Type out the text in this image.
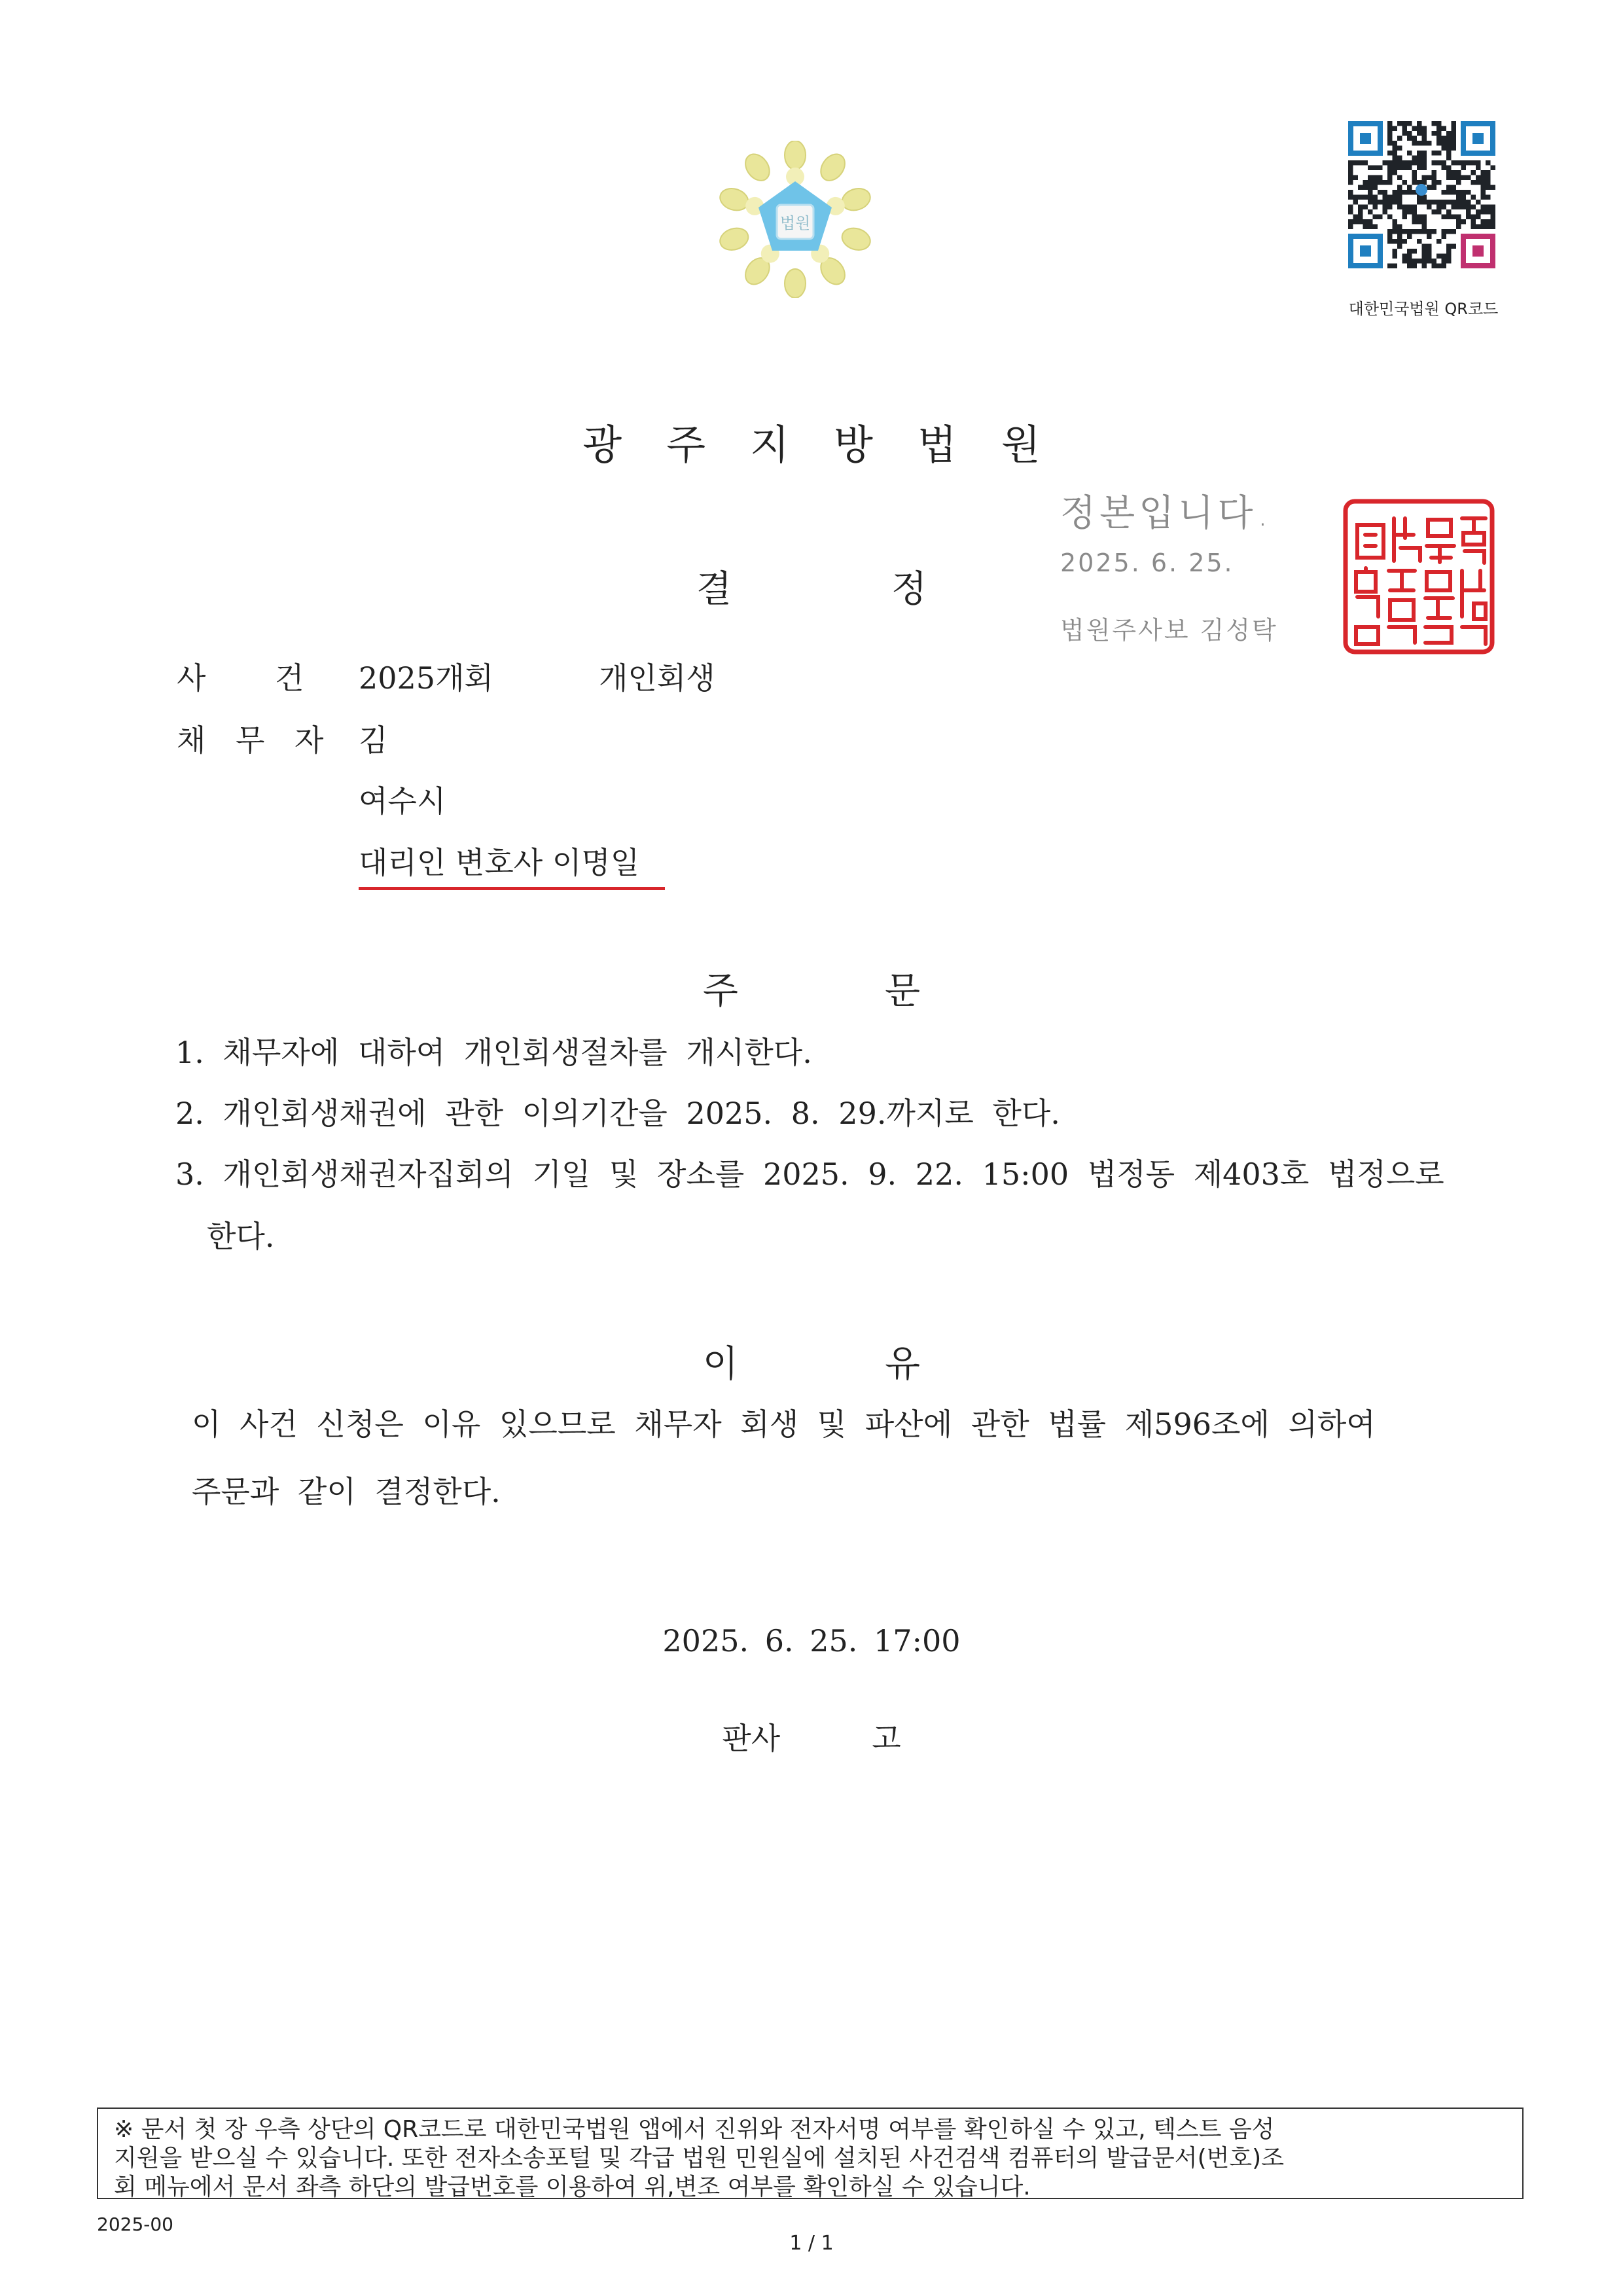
법원
대한민국법원 QR코드
광 주 지 방 법 원
정본입니다.
2025. 6. 25.
법원주사보 김성탁
대한민국법원
결	정
사 건 2025개회	개인회생
채 무 자 김
여수시
대리인 변호사 이명일
주	문
1. 채무자에 대하여 개인회생절차를 개시한다.
2. 개인회생채권에 관한 이의기간을 2025. 8. 29.까지로 한다.
3. 개인회생채권자집회의 기일 및 장소를 2025. 9. 22. 15:00 법정동 제403호 법정으로
한다.
이	유
이 사건 신청은 이유 있으므로 채무자 회생 및 파산에 관한 법률 제596조에 의하여
주문과 같이 결정한다.
2025. 6. 25. 17:00
판사	고
※ 문서 첫 장 우측 상단의 QR코드로 대한민국법원 앱에서 진위와 전자서명 여부를 확인하실 수 있고, 텍스트 음성
지원을 받으실 수 있습니다. 또한 전자소송포털 및 각급 법원 민원실에 설치된 사건검색 컴퓨터의 발급문서(번호)조
회 메뉴에서 문서 좌측 하단의 발급번호를 이용하여 위,변조 여부를 확인하실 수 있습니다.
2025-00
1 / 1
